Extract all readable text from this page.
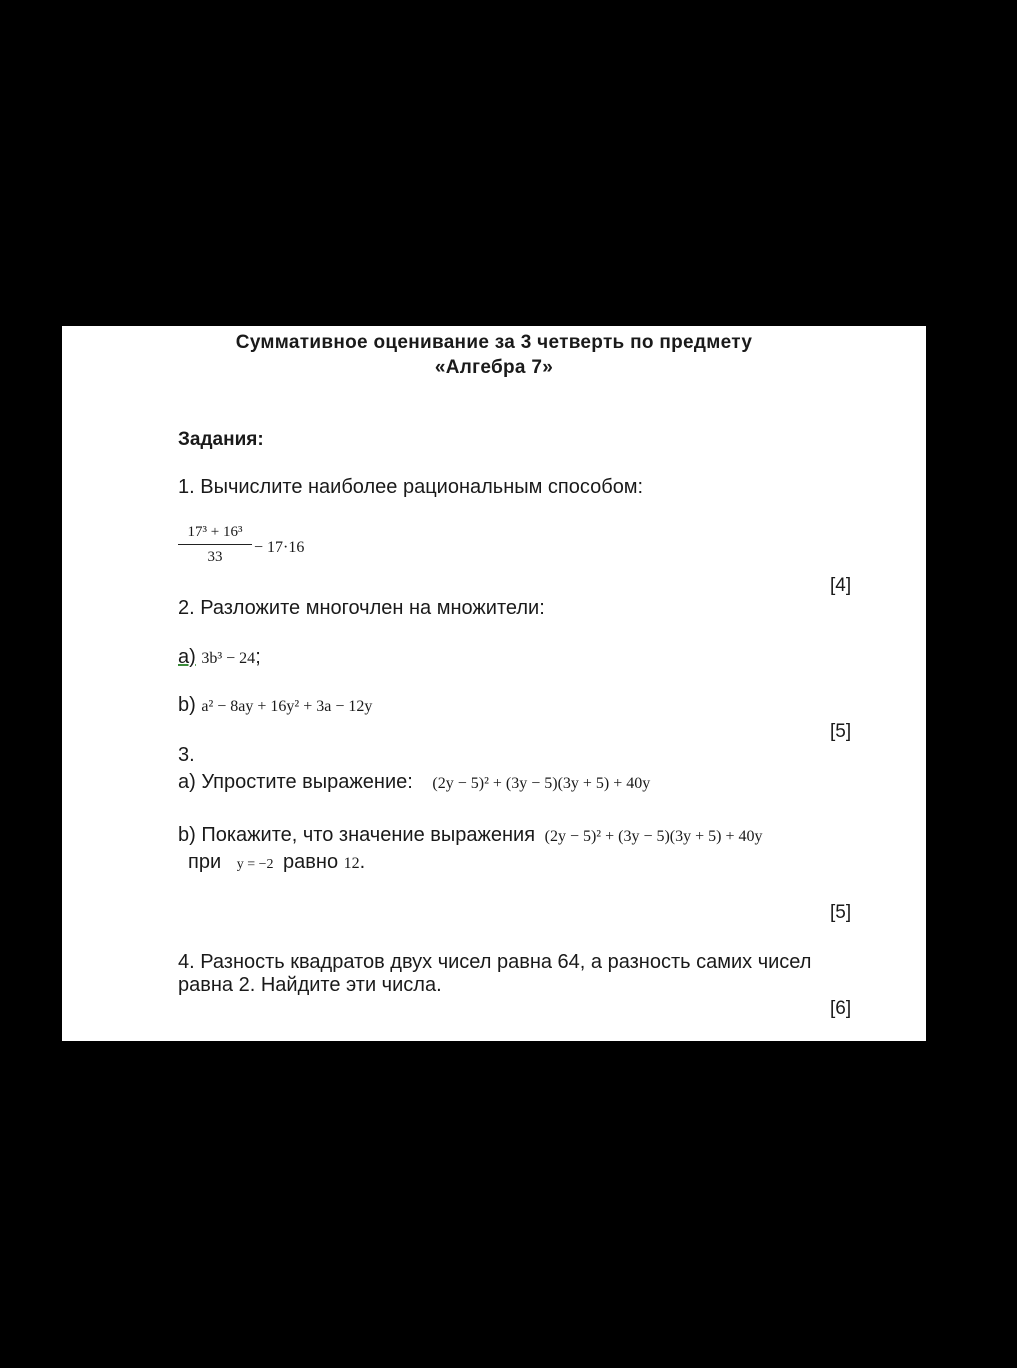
Суммативное оценивание за 3 четверть по предмету
«Алгебра 7»
Задания:
1. Вычислите наиболее рациональным способом:
17³ + 16³
33
− 17·16
[4]
2. Разложите многочлен на множители:
а) 3b³ − 24;
b) a² − 8ay + 16y² + 3a − 12y
[5]
3.
а) Упростите выражение: (2y − 5)² + (3y − 5)(3y + 5) + 40y
b) Покажите, что значение выражения (2y − 5)² + (3y − 5)(3y + 5) + 40y
при y = −2 равно 12.
[5]
4. Разность квадратов двух чисел равна 64, а разность самих чисел
равна 2. Найдите эти числа.
[6]
